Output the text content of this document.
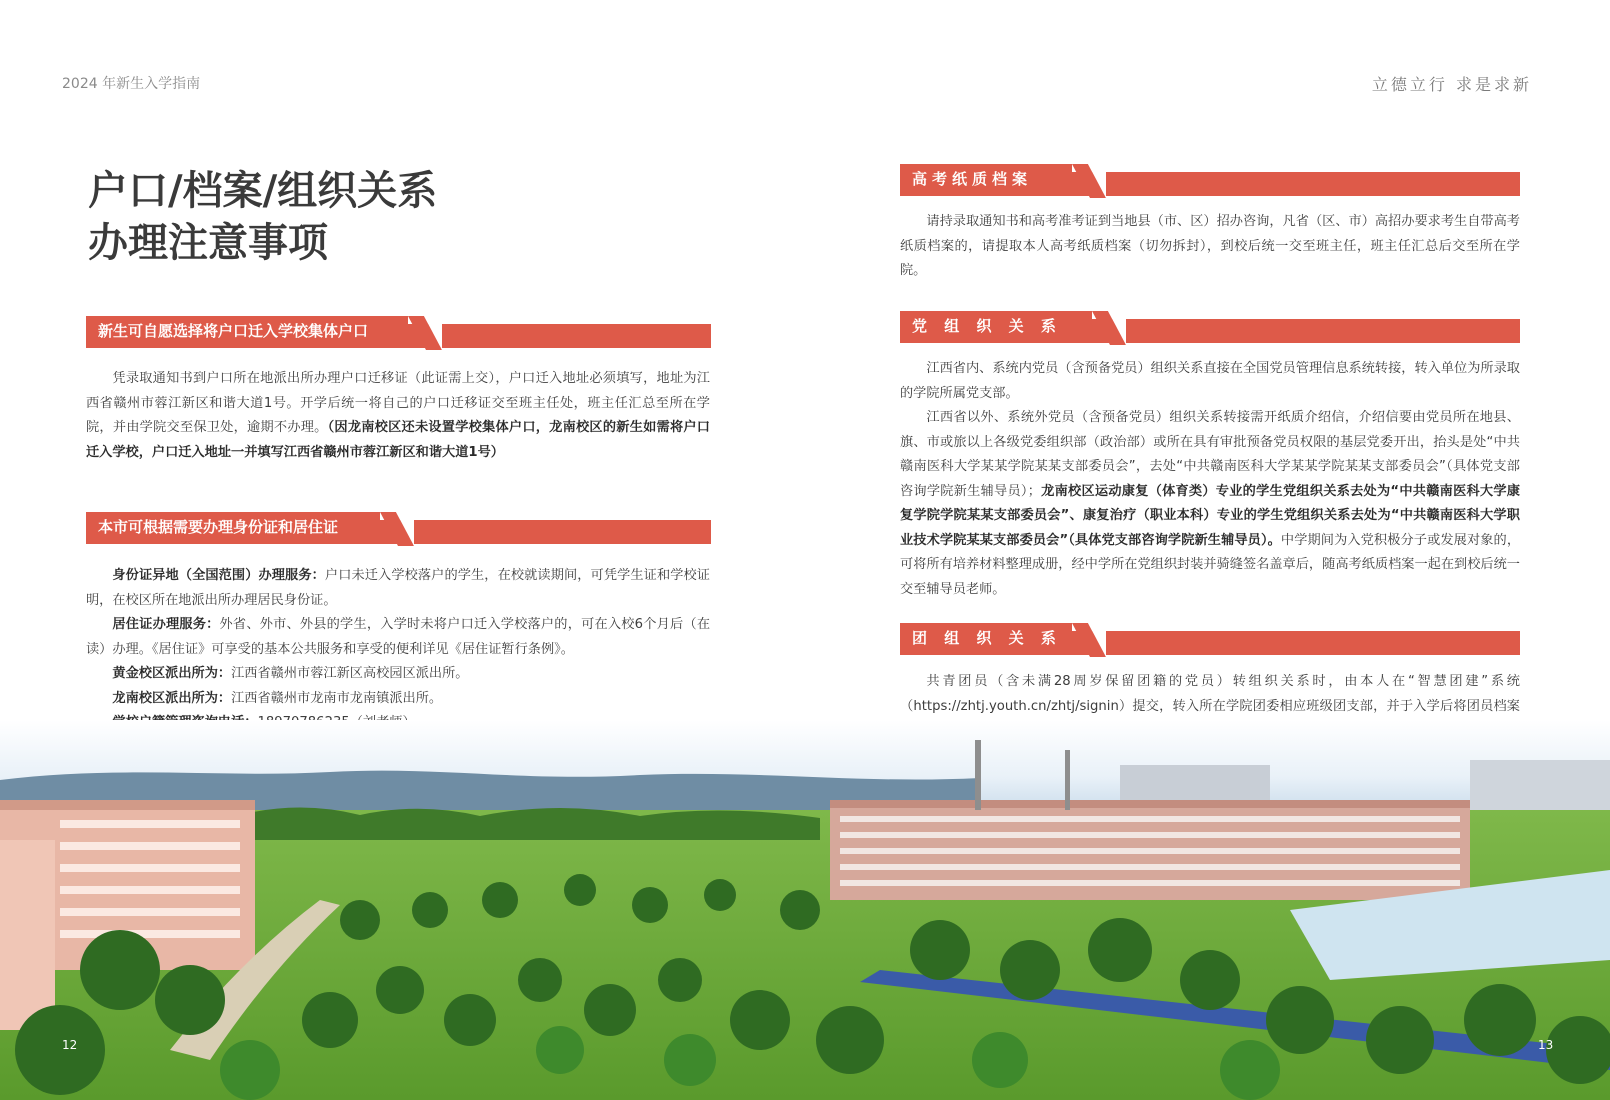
2024 年新生入学指南
户口/档案/组织关系
办理注意事项
新生可自愿选择将户口迁入学校集体户口

凭录取通知书到户口所在地派出所办理户口迁移证（此证需上交），户口迁入地址必须填写，地址为江西省赣州市蓉江新区和谐大道1号。开学后统一将自己的户口迁移证交至班主任处，班主任汇总至所在学院，并由学院交至保卫处，逾期不办理。（因龙南校区还未设置学校集体户口，龙南校区的新生如需将户口迁入学校，户口迁入地址一并填写江西省赣州市蓉江新区和谐大道1号）

本市可根据需要办理身份证和居住证

身份证异地（全国范围）办理服务：户口未迁入学校落户的学生，在校就读期间，可凭学生证和学校证明，在校区所在地派出所办理居民身份证。

居住证办理服务：外省、外市、外县的学生，入学时未将户口迁入学校落户的，可在入校6个月后（在读）办理。《居住证》可享受的基本公共服务和享受的便利详见《居住证暂行条例》。

黄金校区派出所为：江西省赣州市蓉江新区高校园区派出所。

龙南校区派出所为：江西省赣州市龙南市龙南镇派出所。

立德立行 求是求新
高考纸质档案

请持录取通知书和高考准考证到当地县（市、区）招办咨询，凡省（区、市）高招办要求考生自带高考纸质档案的，请提取本人高考纸质档案（切勿拆封），到校后统一交至班主任，班主任汇总后交至所在学院。

党 组 织 关 系

江西省内、系统内党员（含预备党员）组织关系直接在全国党员管理信息系统转接，转入单位为所录取的学院所属党支部。

江西省以外、系统外党员（含预备党员）组织关系转接需开纸质介绍信，介绍信要由党员所在地县、旗、市或旅以上各级党委组织部（政治部）或所在具有审批预备党员权限的基层党委开出，抬头是处“中共赣南医科大学某某学院某某支部委员会”，去处“中共赣南医科大学某某学院某某支部委员会”（具体党支部咨询学院新生辅导员）；龙南校区运动康复（体育类）专业的学生党组织关系去处为“中共赣南医科大学康复学院学院某某支部委员会”、康复治疗（职业本科）专业的学生党组织关系去处为“中共赣南医科大学职业技术学院某某支部委员会”（具体党支部咨询学院新生辅导员）。中学期间为入党积极分子或发展对象的，可将所有培养材料整理成册，经中学所在党组织封装并骑缝签名盖章后，随高考纸质档案一起在到校后统一交至辅导员老师。

团 组 织 关 系

共青团员（含未满28周岁保留团籍的党员）转组织关系时，由本人在“智慧团建”系统（https://zhtj.youth.cn/zhtj/signin）提交，转入所在学院团委相应班级团支部，并于入学后将团员档案

12	13
